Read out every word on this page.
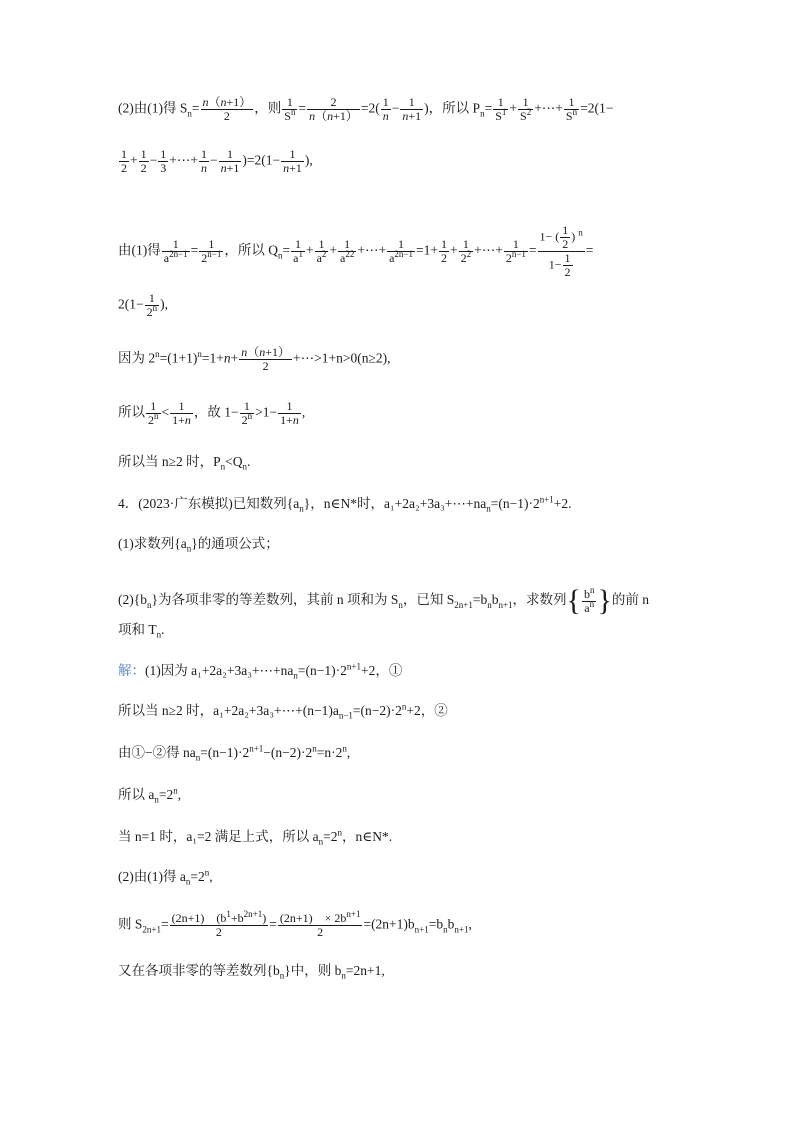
(2)由(1)得 $S_n= \frac{n(n+1)}{2}$ ，则 $\frac{1}{S^n} = \frac{2}{n(n+1)} =2( \frac{1}{n} - \frac{1}{n+1}$ )，所以 $P_n= \frac{1}{S^1} + \frac{1}{S^2}$ +⋯+ $\frac{1}{S^n} =2(1-$
$\frac{1}{2} + \frac{1}{2} - \frac{1}{3}$ +⋯+ $\frac{1}{n} - \frac{1}{n+1} )=2(1- \frac{1}{n+1}$ ),
由(1)得 $\frac{1}{a^{2n-1}} = \frac{1}{2^{n-1}}$ ，所以 $Q_n= \frac{1}{a^1} + \frac{1}{a^2} + \frac{1}{a^{22}}$ +⋯+ $\frac{1}{a^{2n-1}} =1+ \frac{1}{2} + \frac{1}{2^2}$ +⋯+ $\frac{1}{2^{n-1}} = \frac{1- ( \frac{1}{2} ) ^n}{1- \frac{1}{2}}$ =
$2(1- \frac{1}{2^n}$ ),
因为 $2^n=(1+1)^n=1+n+ \frac{n(n+1)}{2}$ +⋯>1+n>0(n≥2),
所以 $\frac{1}{2^n} < \frac{1}{1+n}$ ，故 $1- \frac{1}{2^n} >1- \frac{1}{1+n}$ ,
所以当 n≥2 时，$P_n<Q_n$.
4．(2023·广东模拟)已知数列$\{a_n\}$，n∈N*时，$a_1+2a_2+3a_3+\cdots+na_n=(n-1)\cdot 2^{n+1}+2$.
(1)求数列$\{a_n\}$的通项公式；
$(2)\{b_n\}$为各项非零的等差数列，其前 n 项和为 $S_n$，已知 $S_{2n+1}=b_nb_{n+1}$，求数列{ $\frac{b^n}{a^n}$ }的前 n
项和 $T_n$.
解：(1)因为 $a_1+2a_2+3a_3+\cdots+na_n=(n-1)\cdot 2^{n+1}+2$，①
所以当 n≥2 时，$a_1+2a_2+3a_3+\cdots+(n-1)a_{n-1}=(n-2)\cdot 2^n+2$，②
由①−②得 $na_n=(n-1)\cdot 2^{n+1}-(n-2)\cdot 2^n=n\cdot 2^n$,
所以 $a_n=2^n$,
当 n=1 时，a₁=2 满足上式，所以 $a_n=2^n$，n∈N*.
(2)由(1)得 $a_n=2^n$,
则 $S_{2n+1}= \frac{(2n+1) (b^1+b^{2n+1})}{2} = \frac{(2n+1) \times 2b^{n+1}}{2} =(2n+1)b_{n+1}=b_nb_{n+1}$,
又在各项非零的等差数列$\{b_n\}$中，则 $b_n=2n+1$,
